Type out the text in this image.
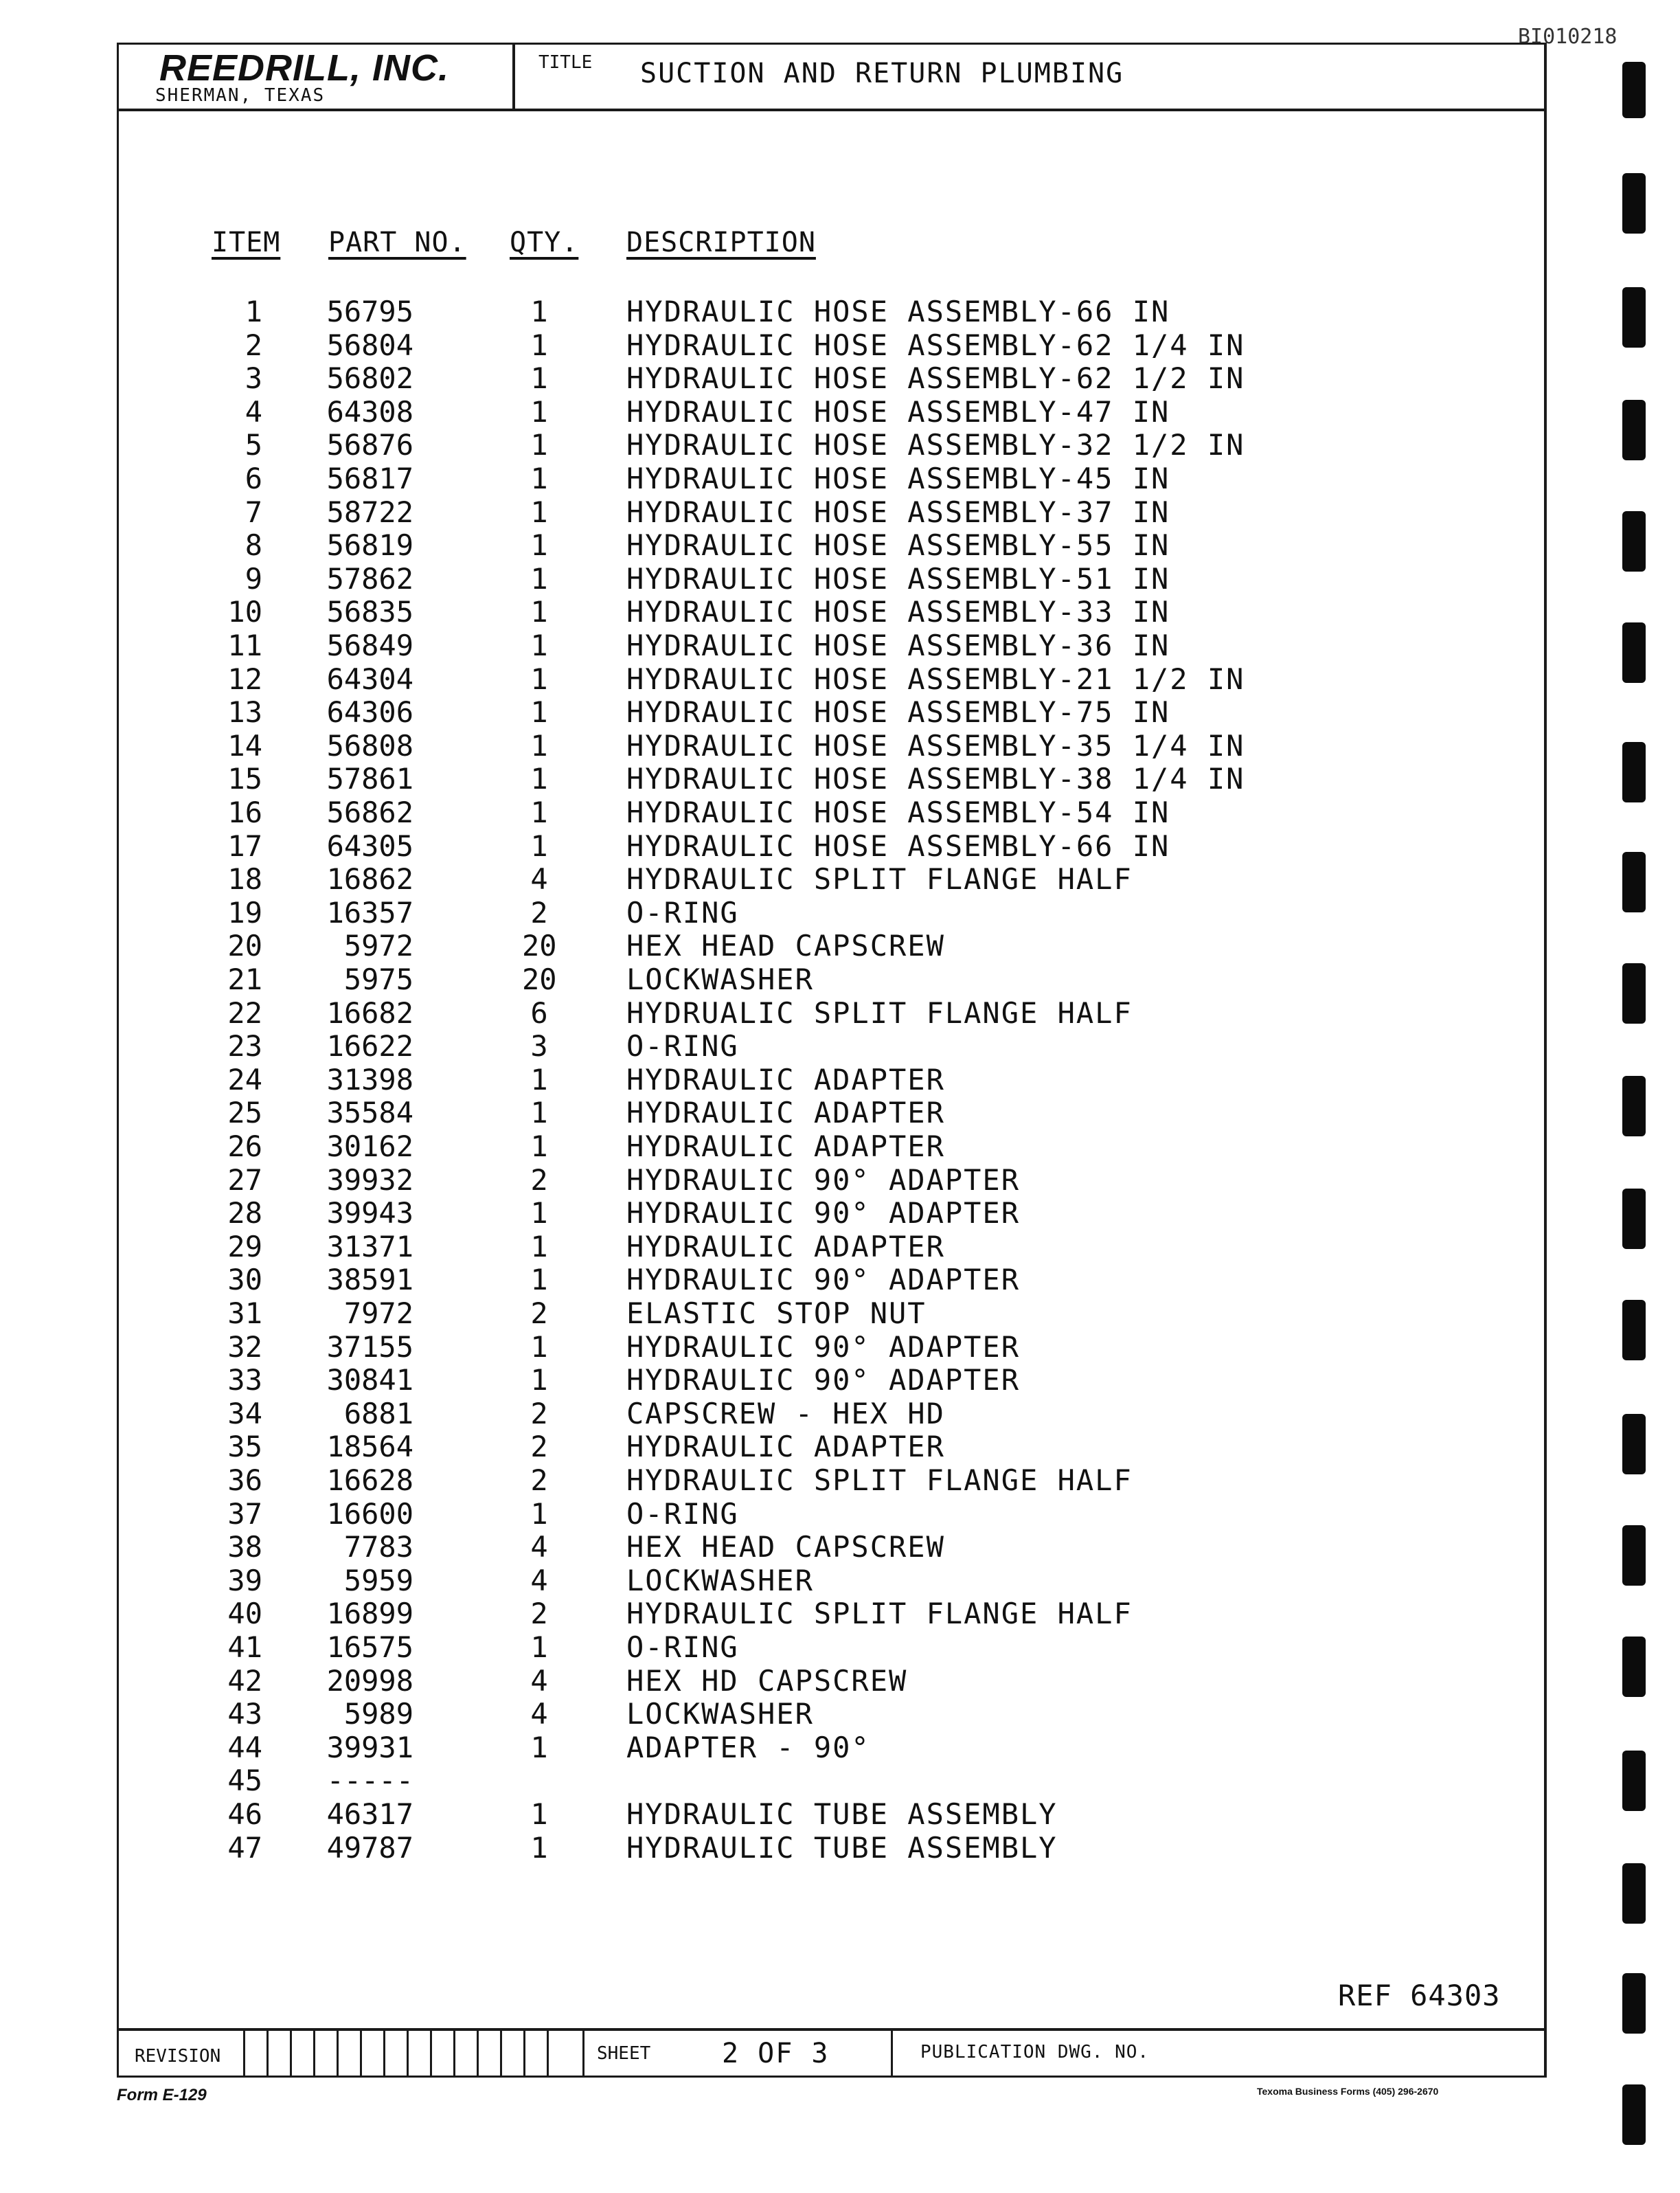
BI010218
REEDRILL, INC.
SHERMAN, TEXAS
TITLE SUCTION AND RETURN PLUMBING
ITEM PART NO. QTY. DESCRIPTION
1 56795	1	HYDRAULIC HOSE ASSEMBLY-66 IN
2 56804	1	HYDRAULIC HOSE ASSEMBLY-62 1/4 IN
3 56802	1	HYDRAULIC HOSE ASSEMBLY-62 1/2 IN
4 64308	1	HYDRAULIC HOSE ASSEMBLY-47 IN
5 56876	1	HYDRAULIC HOSE ASSEMBLY-32 1/2 IN
6 56817	1	HYDRAULIC HOSE ASSEMBLY-45 IN
7 58722	1	HYDRAULIC HOSE ASSEMBLY-37 IN
8 56819	1	HYDRAULIC HOSE ASSEMBLY-55 IN
9 57862	1	HYDRAULIC HOSE ASSEMBLY-51 IN
10 56835	1	HYDRAULIC HOSE ASSEMBLY-33 IN
11 56849	1	HYDRAULIC HOSE ASSEMBLY-36 IN
12 64304	1	HYDRAULIC HOSE ASSEMBLY-21 1/2 IN
13 64306	1	HYDRAULIC HOSE ASSEMBLY-75 IN
14 56808	1	HYDRAULIC HOSE ASSEMBLY-35 1/4 IN
15 57861	1	HYDRAULIC HOSE ASSEMBLY-38 1/4 IN
16 56862	1	HYDRAULIC HOSE ASSEMBLY-54 IN
17 64305	1	HYDRAULIC HOSE ASSEMBLY-66 IN
18 16862	4	HYDRAULIC SPLIT FLANGE HALF
19 16357	2	O-RING
20	5972	20 HEX HEAD CAPSCREW
21	5975	20 LOCKWASHER
22 16682	6	HYDRUALIC SPLIT FLANGE HALF
23 16622	3	O-RING
24 31398	1	HYDRAULIC ADAPTER
25 35584	1	HYDRAULIC ADAPTER
26 30162	1	HYDRAULIC ADAPTER
27 39932	2	HYDRAULIC 90° ADAPTER
28 39943	1	HYDRAULIC 90° ADAPTER
29 31371	1	HYDRAULIC ADAPTER
30 38591	1	HYDRAULIC 90° ADAPTER
31	7972	2	ELASTIC STOP NUT
32 37155	1	HYDRAULIC 90° ADAPTER
33 30841	1	HYDRAULIC 90° ADAPTER
34	6881	2	CAPSCREW - HEX HD
35 18564	2	HYDRAULIC ADAPTER
36 16628	2	HYDRAULIC SPLIT FLANGE HALF
37 16600	1	O-RING
38	7783	4	HEX HEAD CAPSCREW
39	5959	4	LOCKWASHER
40 16899	2	HYDRAULIC SPLIT FLANGE HALF
41 16575	1	O-RING
42 20998	4	HEX HD CAPSCREW
43	5989	4	LOCKWASHER
44 39931	1	ADAPTER - 90°
45 -----
46 46317	1	HYDRAULIC TUBE ASSEMBLY
47 49787	1	HYDRAULIC TUBE ASSEMBLY
REF 64303
REVISION	SHEET	2 OF 3	PUBLICATION DWG. NO.
Form E-129	Texoma Business Forms (405) 296-2670
